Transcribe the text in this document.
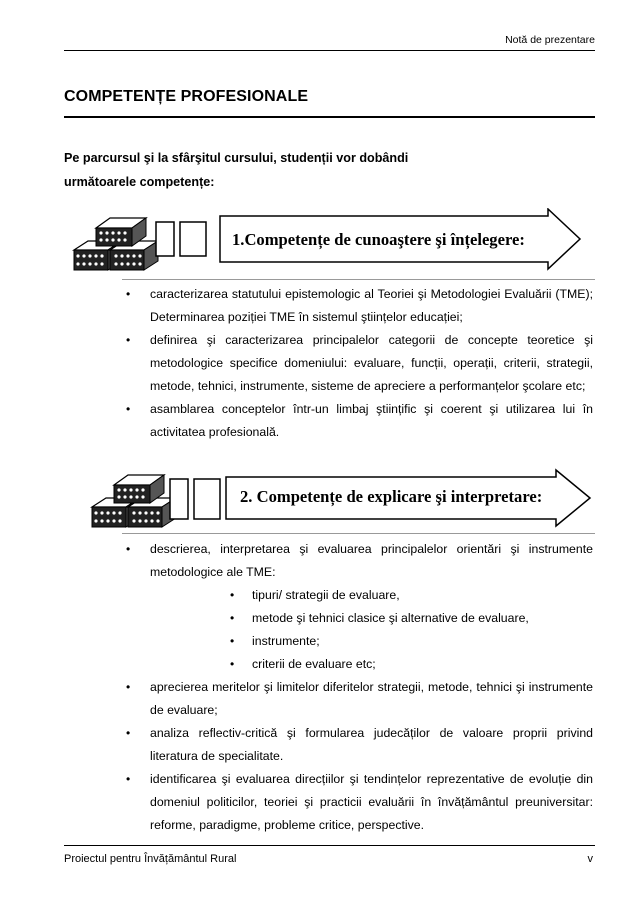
Notă de prezentare
COMPETENȚE PROFESIONALE
Pe parcursul şi la sfârşitul cursului, studenții vor dobândi
următoarele competențe:
1.Competențe de cunoaştere şi înțelegere:
• caracterizarea statutului epistemologic al Teoriei şi Metodologiei Evaluării (TME); Determinarea poziției TME în sistemul ştiințelor educației;
• definirea şi caracterizarea principalelor categorii de concepte teoretice şi metodologice specifice domeniului: evaluare, funcții, operații, criterii, strategii, metode, tehnici, instrumente, sisteme de apreciere a performanțelor şcolare etc;
• asamblarea conceptelor într-un limbaj ştiințific şi coerent şi utilizarea lui în activitatea profesională.
2. Competențe de explicare şi interpretare:
• descrierea, interpretarea şi evaluarea principalelor orientări şi instrumente metodologice ale TME:
• tipuri/ strategii de evaluare,
• metode şi tehnici clasice şi alternative de evaluare,
• instrumente;
• criterii de evaluare etc;
• aprecierea meritelor şi limitelor diferitelor strategii, metode, tehnici şi instrumente de evaluare;
• analiza reflectiv-critică şi formularea judecăților de valoare proprii privind literatura de specialitate.
• identificarea şi evaluarea direcțiilor şi tendințelor reprezentative de evoluție din domeniul politicilor, teoriei şi practicii evaluării în învățământul preuniversitar: reforme, paradigme, probleme critice, perspective.
Proiectul pentru Învățământul Rural	v
